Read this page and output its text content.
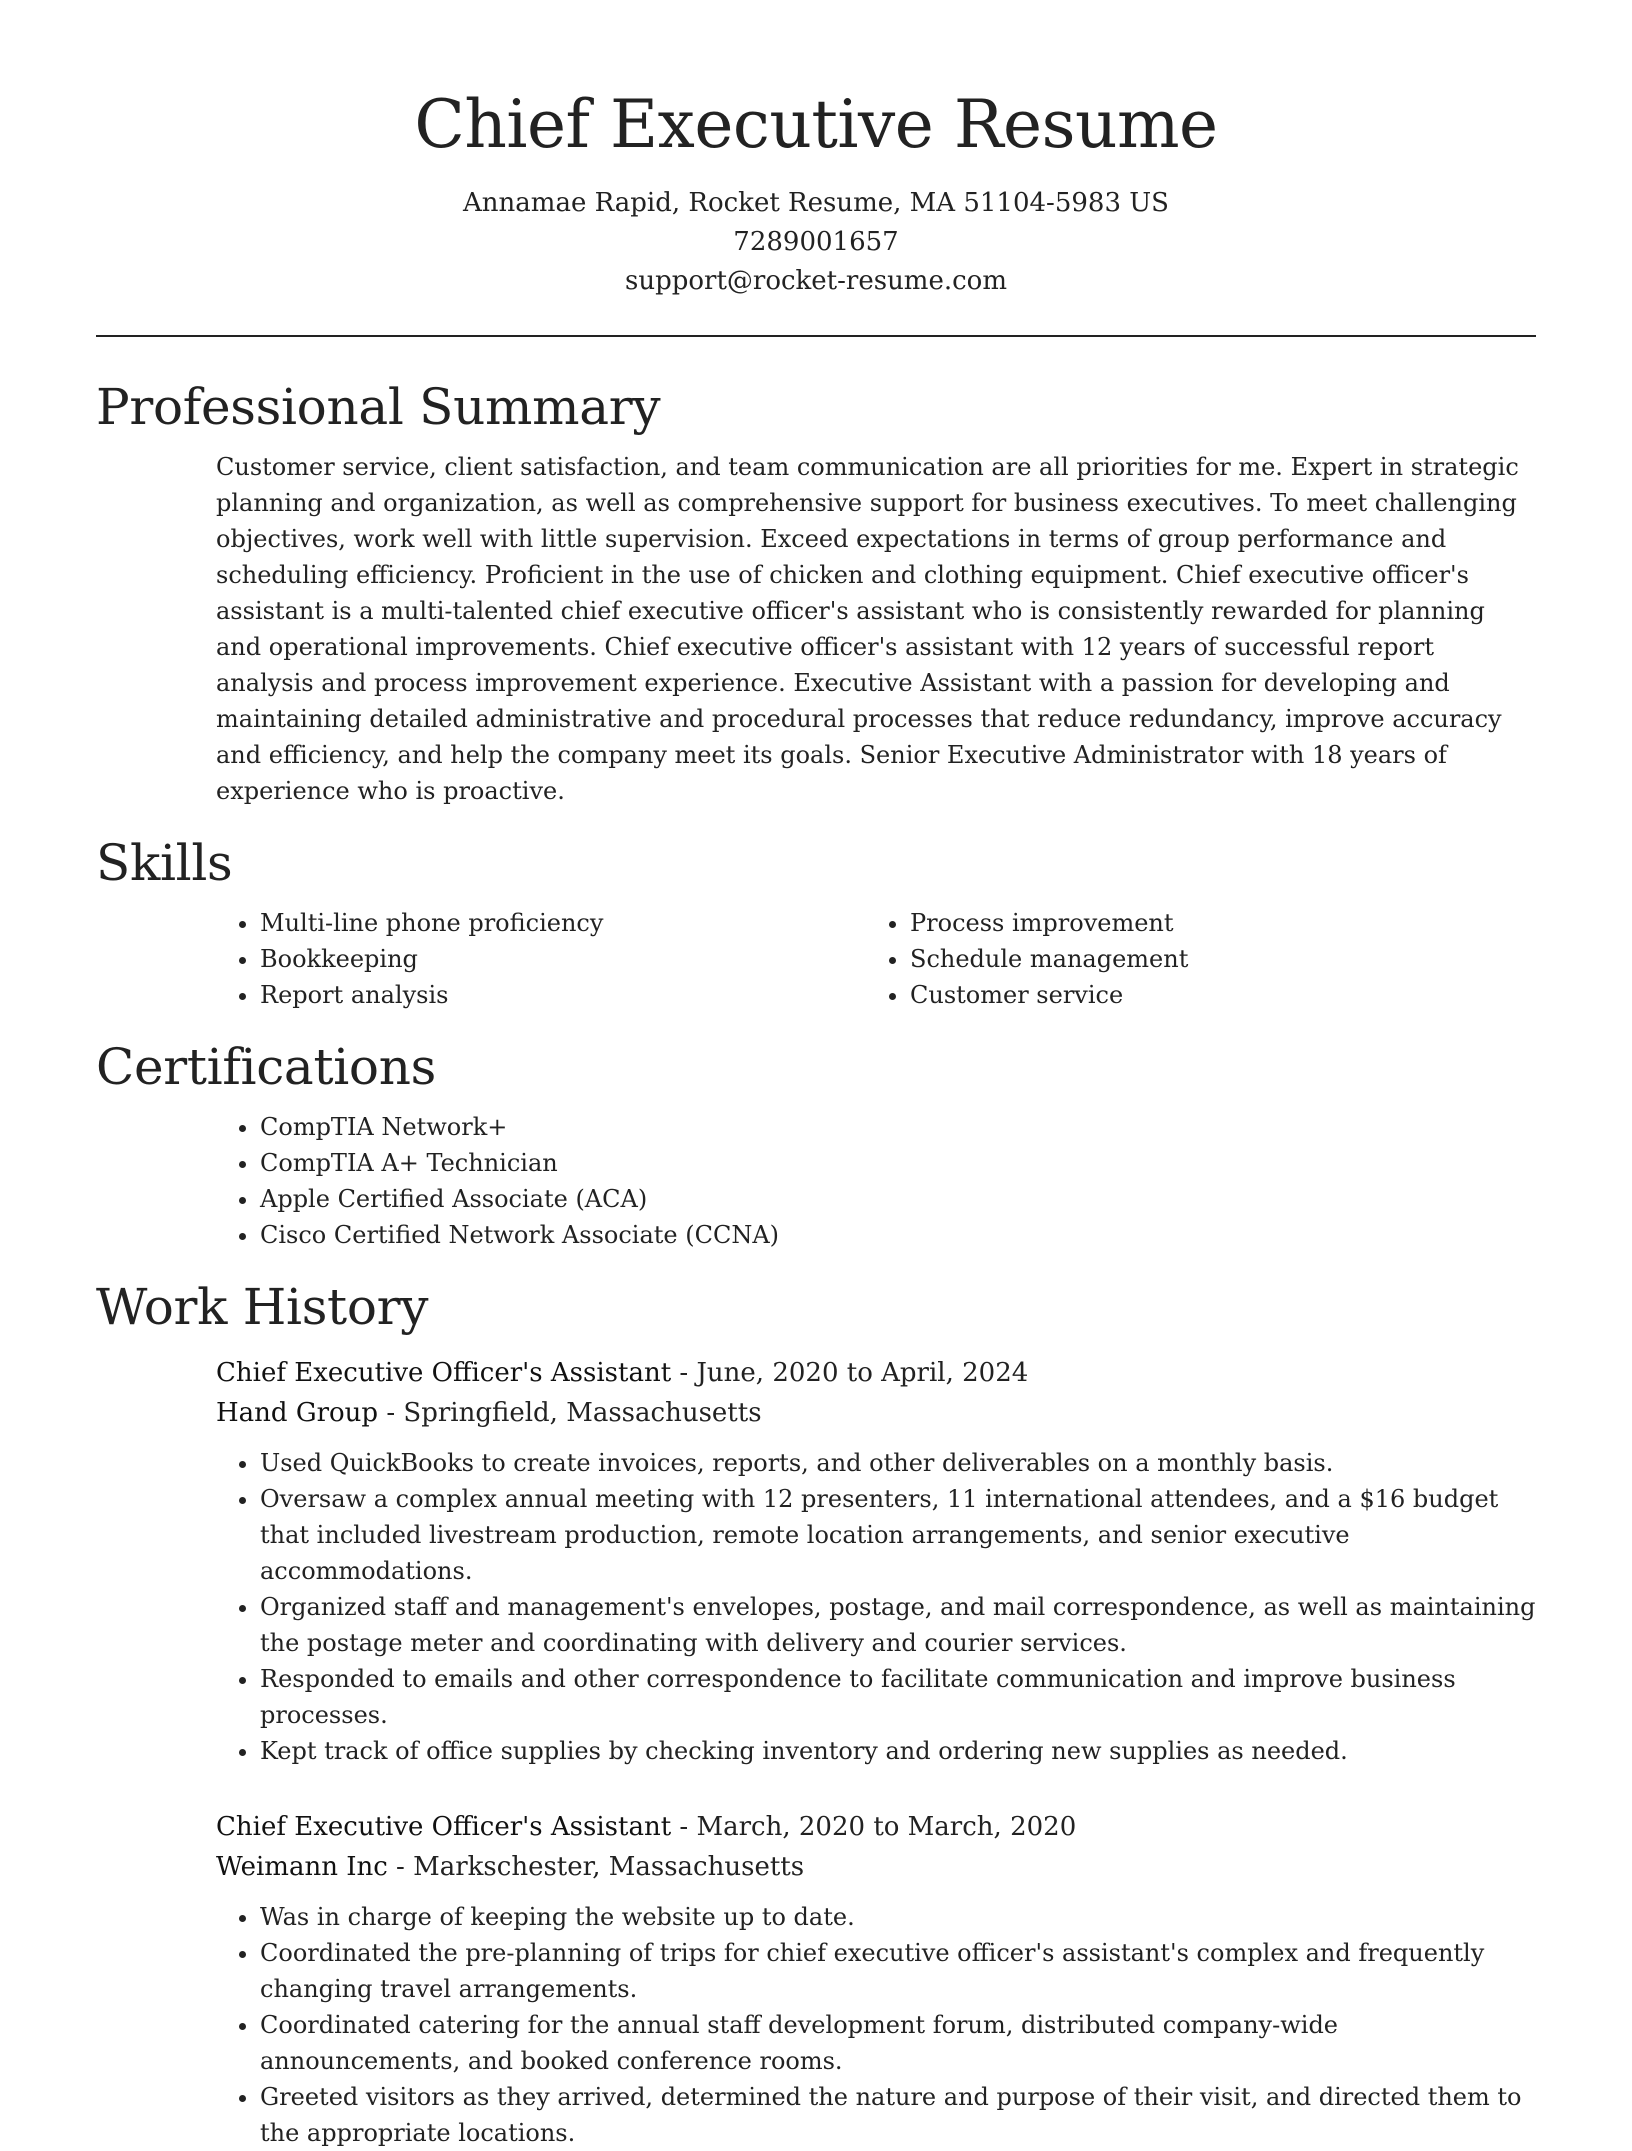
Chief Executive Resume

Annamae Rapid, Rocket Resume, MA 51104-5983 US

7289001657

support@rocket-resume.com

Professional Summary

Customer service, client satisfaction, and team communication are all priorities for me. Expert in strategic planning and organization, as well as comprehensive support for business executives. To meet challenging objectives, work well with little supervision. Exceed expectations in terms of group performance and scheduling efficiency. Proficient in the use of chicken and clothing equipment. Chief executive officer's assistant is a multi-talented chief executive officer's assistant who is consistently rewarded for planning and operational improvements. Chief executive officer's assistant with 12 years of successful report analysis and process improvement experience. Executive Assistant with a passion for developing and maintaining detailed administrative and procedural processes that reduce redundancy, improve accuracy and efficiency, and help the company meet its goals. Senior Executive Administrator with 18 years of experience who is proactive.

Skills
• Multi-line phone proficiency
• Bookkeeping
• Report analysis
• Process improvement
• Schedule management
• Customer service
Certifications
• CompTIA Network+
• CompTIA A+ Technician
• Apple Certified Associate (ACA)
• Cisco Certified Network Associate (CCNA)
Work History

Chief Executive Officer's Assistant - June, 2020 to April, 2024

Hand Group - Springfield, Massachusetts

• Used QuickBooks to create invoices, reports, and other deliverables on a monthly basis.
• Oversaw a complex annual meeting with 12 presenters, 11 international attendees, and a $16 budget that included livestream production, remote location arrangements, and senior executive accommodations.
• Organized staff and management's envelopes, postage, and mail correspondence, as well as maintaining the postage meter and coordinating with delivery and courier services.
• Responded to emails and other correspondence to facilitate communication and improve business processes.
• Kept track of office supplies by checking inventory and ordering new supplies as needed.

Chief Executive Officer's Assistant - March, 2020 to March, 2020

Weimann Inc - Markschester, Massachusetts

• Was in charge of keeping the website up to date.
• Coordinated the pre-planning of trips for chief executive officer's assistant's complex and frequently changing travel arrangements.
• Coordinated catering for the annual staff development forum, distributed company-wide announcements, and booked conference rooms.
• Greeted visitors as they arrived, determined the nature and purpose of their visit, and directed them to the appropriate locations.
